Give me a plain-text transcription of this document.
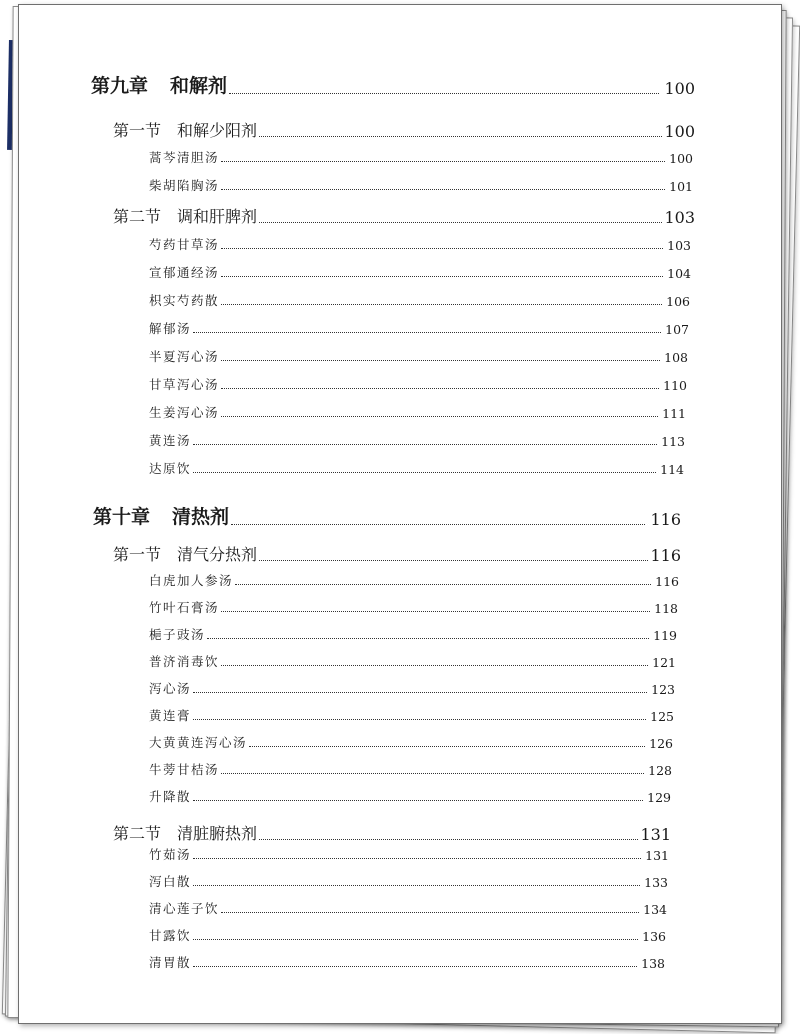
第九章 和解剂	100
第一节 和解少阳剂	100
蒿芩清胆汤	100
柴胡陷胸汤	101
第二节 调和肝脾剂	103
芍药甘草汤	103
宣郁通经汤	104
枳实芍药散	106
解郁汤	107
半夏泻心汤	108
甘草泻心汤	110
生姜泻心汤	111
黄连汤	113
达原饮	114
第十章 清热剂	116
第一节 清气分热剂	116
白虎加人参汤	116
竹叶石膏汤	118
梔子豉汤	119
普济消毒饮	121
泻心汤	123
黄连膏	125
大黄黄连泻心汤	126
牛蒡甘桔汤	128
升降散	129
第二节 清脏腑热剂	131
竹茹汤	131
泻白散	133
清心莲子饮	134
甘露饮	136
清胃散	138
